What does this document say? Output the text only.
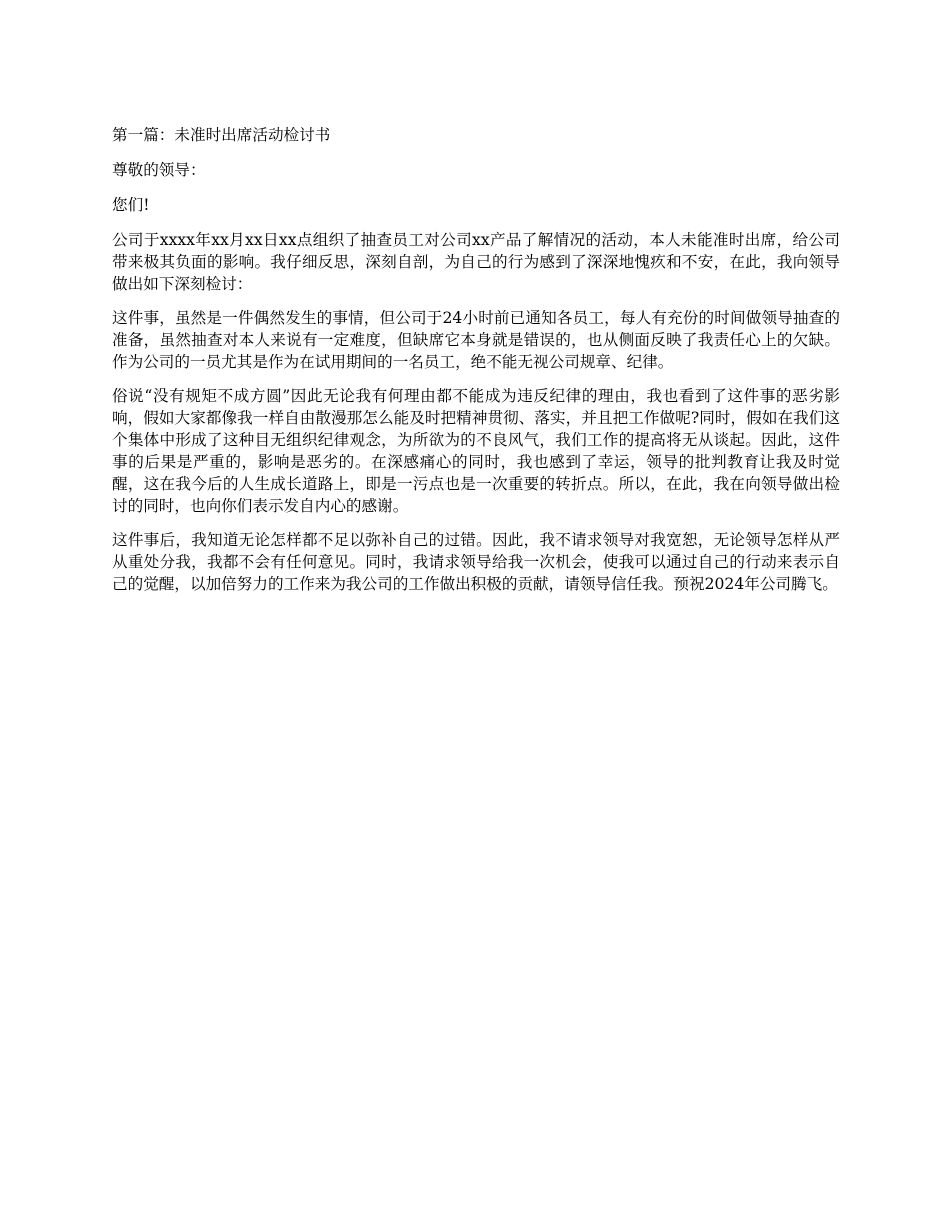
第一篇：未准时出席活动检讨书

尊敬的领导：

您们!

公司于xxxx年xx月xx日xx点组织了抽查员工对公司xx产品了解情况的活动，本人未能准时出席，给公司带来极其负面的影响。我仔细反思，深刻自剖，为自己的行为感到了深深地愧疚和不安，在此，我向领导做出如下深刻检讨：

这件事，虽然是一件偶然发生的事情，但公司于24小时前已通知各员工，每人有充份的时间做领导抽查的准备，虽然抽查对本人来说有一定难度，但缺席它本身就是错误的，也从侧面反映了我责任心上的欠缺。作为公司的一员尤其是作为在试用期间的一名员工，绝不能无视公司规章、纪律。

俗说“没有规矩不成方圆”因此无论我有何理由都不能成为违反纪律的理由，我也看到了这件事的恶劣影响，假如大家都像我一样自由散漫那怎么能及时把精神贯彻、落实，并且把工作做呢?同时，假如在我们这个集体中形成了这种目无组织纪律观念，为所欲为的不良风气，我们工作的提高将无从谈起。因此，这件事的后果是严重的，影响是恶劣的。在深感痛心的同时，我也感到了幸运，领导的批判教育让我及时觉醒，这在我今后的人生成长道路上，即是一污点也是一次重要的转折点。所以，在此，我在向领导做出检讨的同时，也向你们表示发自内心的感谢。

这件事后，我知道无论怎样都不足以弥补自己的过错。因此，我不请求领导对我宽恕，无论领导怎样从严从重处分我，我都不会有任何意见。同时，我请求领导给我一次机会，使我可以通过自己的行动来表示自己的觉醒，以加倍努力的工作来为我公司的工作做出积极的贡献，请领导信任我。预祝2024年公司腾飞。
